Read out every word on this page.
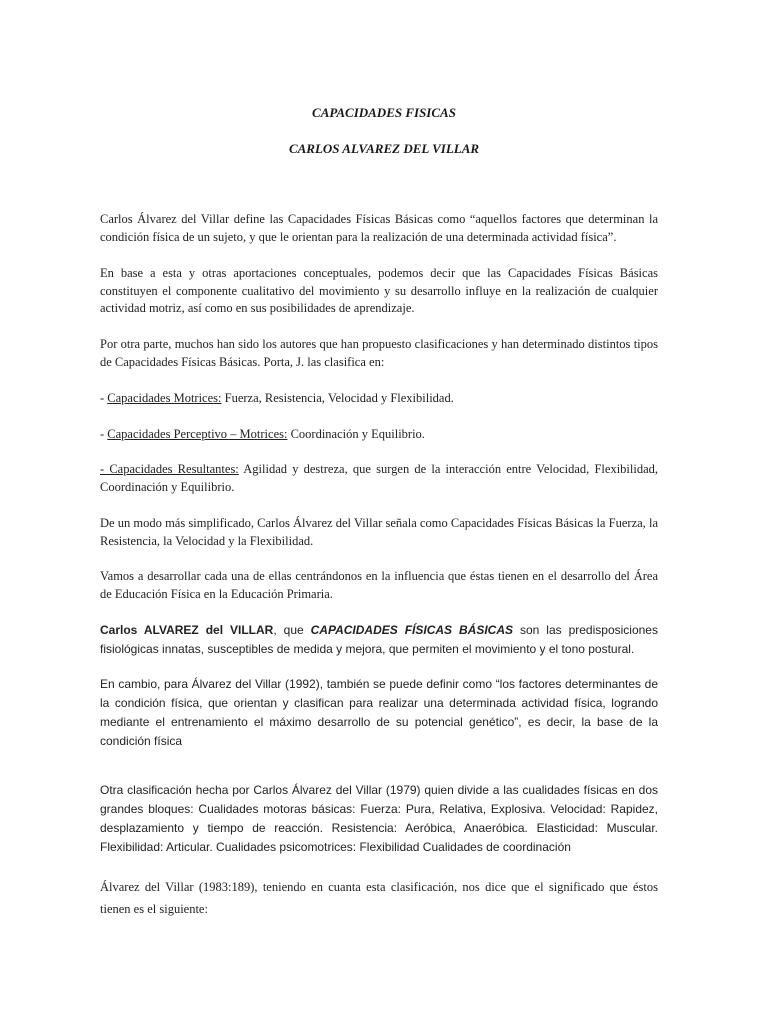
CAPACIDADES FISICAS
CARLOS ALVAREZ DEL VILLAR
Carlos Álvarez del Villar define las Capacidades Físicas Básicas como “aquellos factores que determinan la condición física de un sujeto, y que le orientan para la realización de una determinada actividad física”.
En base a esta y otras aportaciones conceptuales, podemos decir que las Capacidades Físicas Básicas constituyen el componente cualitativo del movimiento y su desarrollo influye en la realización de cualquier actividad motriz, así como en sus posibilidades de aprendizaje.
Por otra parte, muchos han sido los autores que han propuesto clasificaciones y han determinado distintos tipos de Capacidades Físicas Básicas. Porta, J. las clasifica en:
- Capacidades Motrices: Fuerza, Resistencia, Velocidad y Flexibilidad.
- Capacidades Perceptivo – Motrices: Coordinación y Equilibrio.
- Capacidades Resultantes: Agilidad y destreza, que surgen de la interacción entre Velocidad, Flexibilidad, Coordinación y Equilibrio.
De un modo más simplificado, Carlos Álvarez del Villar señala como Capacidades Físicas Básicas la Fuerza, la Resistencia, la Velocidad y la Flexibilidad.
Vamos a desarrollar cada una de ellas centrándonos en la influencia que éstas tienen en el desarrollo del Área de Educación Física en la Educación Primaria.
Carlos ALVAREZ del VILLAR, que CAPACIDADES FÍSICAS BÁSICAS son las predisposiciones fisiológicas innatas, susceptibles de medida y mejora, que permiten el movimiento y el tono postural.
En cambio, para Álvarez del Villar (1992), también se puede definir como “los factores determinantes de la condición física, que orientan y clasifican para realizar una determinada actividad física, logrando mediante el entrenamiento el máximo desarrollo de su potencial genético”, es decir, la base de la condición física
Otra clasificación hecha por Carlos Álvarez del Villar (1979) quien divide a las cualidades físicas en dos grandes bloques: Cualidades motoras básicas: Fuerza: Pura, Relativa, Explosiva. Velocidad: Rapidez, desplazamiento y tiempo de reacción. Resistencia: Aeróbica, Anaeróbica. Elasticidad: Muscular. Flexibilidad: Articular. Cualidades psicomotrices: Flexibilidad Cualidades de coordinación
Álvarez del Villar (1983:189), teniendo en cuanta esta clasificación, nos dice que el significado que éstos tienen es el siguiente:
